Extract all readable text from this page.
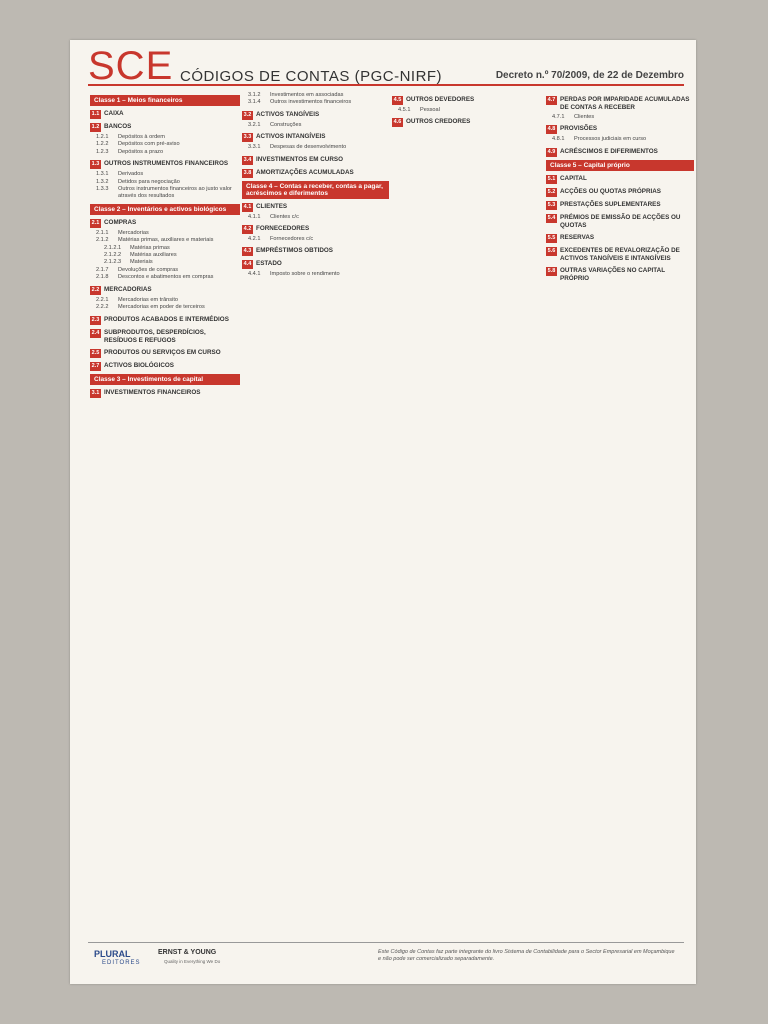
SCE CÓDIGOS DE CONTAS (PGC-NIRF)	Decreto n.º 70/2009, de 22 de Dezembro
Classe 1 – Meios financeiros
1.1 CAIXA
1.2 BANCOS
1.2.1	Depósitos à ordem
1.2.2	Depósitos com pré-aviso
1.2.3	Depósitos a prazo
1.3 OUTROS INSTRUMENTOS FINANCEIROS
1.3.1	Derivados
1.3.2	Detidos para negociação
1.3.3	Outros instrumentos financeiros ao justo valor através dos resultados
Classe 2 – Inventários e activos biológicos
2.1 COMPRAS
2.1.1	Mercadorias
2.1.2	Matérias primas, auxiliares e materiais
2.1.2.1	Matérias primas
2.1.2.2	Matérias auxiliares
2.1.2.3	Materiais
2.1.7	Devoluções de compras
2.1.8	Descontos e abatimentos em compras
2.2 MERCADORIAS
2.2.1	Mercadorias em trânsito
2.2.2	Mercadorias em poder de terceiros
2.3 PRODUTOS ACABADOS E INTERMÉDIOS
2.4 SUBPRODUTOS, DESPERDÍCIOS, RESÍDUOS E REFUGOS
2.5 PRODUTOS OU SERVIÇOS EM CURSO
2.7 ACTIVOS BIOLÓGICOS
Classe 3 – Investimentos de capital
3.1 INVESTIMENTOS FINANCEIROS
3.1.2	Investimentos em associadas
3.1.4	Outros investimentos financeiros
3.2 ACTIVOS TANGÍVEIS
3.2.1	Construções
3.3 ACTIVOS INTANGÍVEIS
3.3.1	Despesas de desenvolvimento
3.4 INVESTIMENTOS EM CURSO
3.8 AMORTIZAÇÕES ACUMULADAS
Classe 4 – Contas a receber, contas a pagar, acréscimos e diferimentos
4.1 CLIENTES
4.1.1	Clientes c/c
4.2 FORNECEDORES
4.2.1	Fornecedores c/c
4.3 EMPRÉSTIMOS OBTIDOS
4.4 ESTADO
4.4.1	Imposto sobre o rendimento
4.5 OUTROS DEVEDORES
4.5.1	Pessoal
4.6 OUTROS CREDORES
4.7 PERDAS POR IMPARIDADE ACUMULADAS DE CONTAS A RECEBER
4.7.1	Clientes
4.8 PROVISÕES
4.8.1	Processos judiciais em curso
4.9 ACRÉSCIMOS E DIFERIMENTOS
Classe 5 – Capital próprio
5.1 CAPITAL
5.2 ACÇÕES OU QUOTAS PRÓPRIAS
5.3 PRESTAÇÕES SUPLEMENTARES
5.4 PRÉMIOS DE EMISSÃO DE ACÇÕES OU QUOTAS
5.5 RESERVAS
5.6 EXCEDENTES DE REVALORIZAÇÃO DE ACTIVOS TANGÍVEIS E INTANGÍVEIS
5.8 OUTRAS VARIAÇÕES NO CAPITAL PRÓPRIO
PLURAL
EDITORES
ERNST & YOUNG
Quality in Everything We Do
Este Código de Contas faz parte integrante do livro Sistema de Contabilidade para o Sector Empresarial em Moçambique e não pode ser comercializado separadamente.
